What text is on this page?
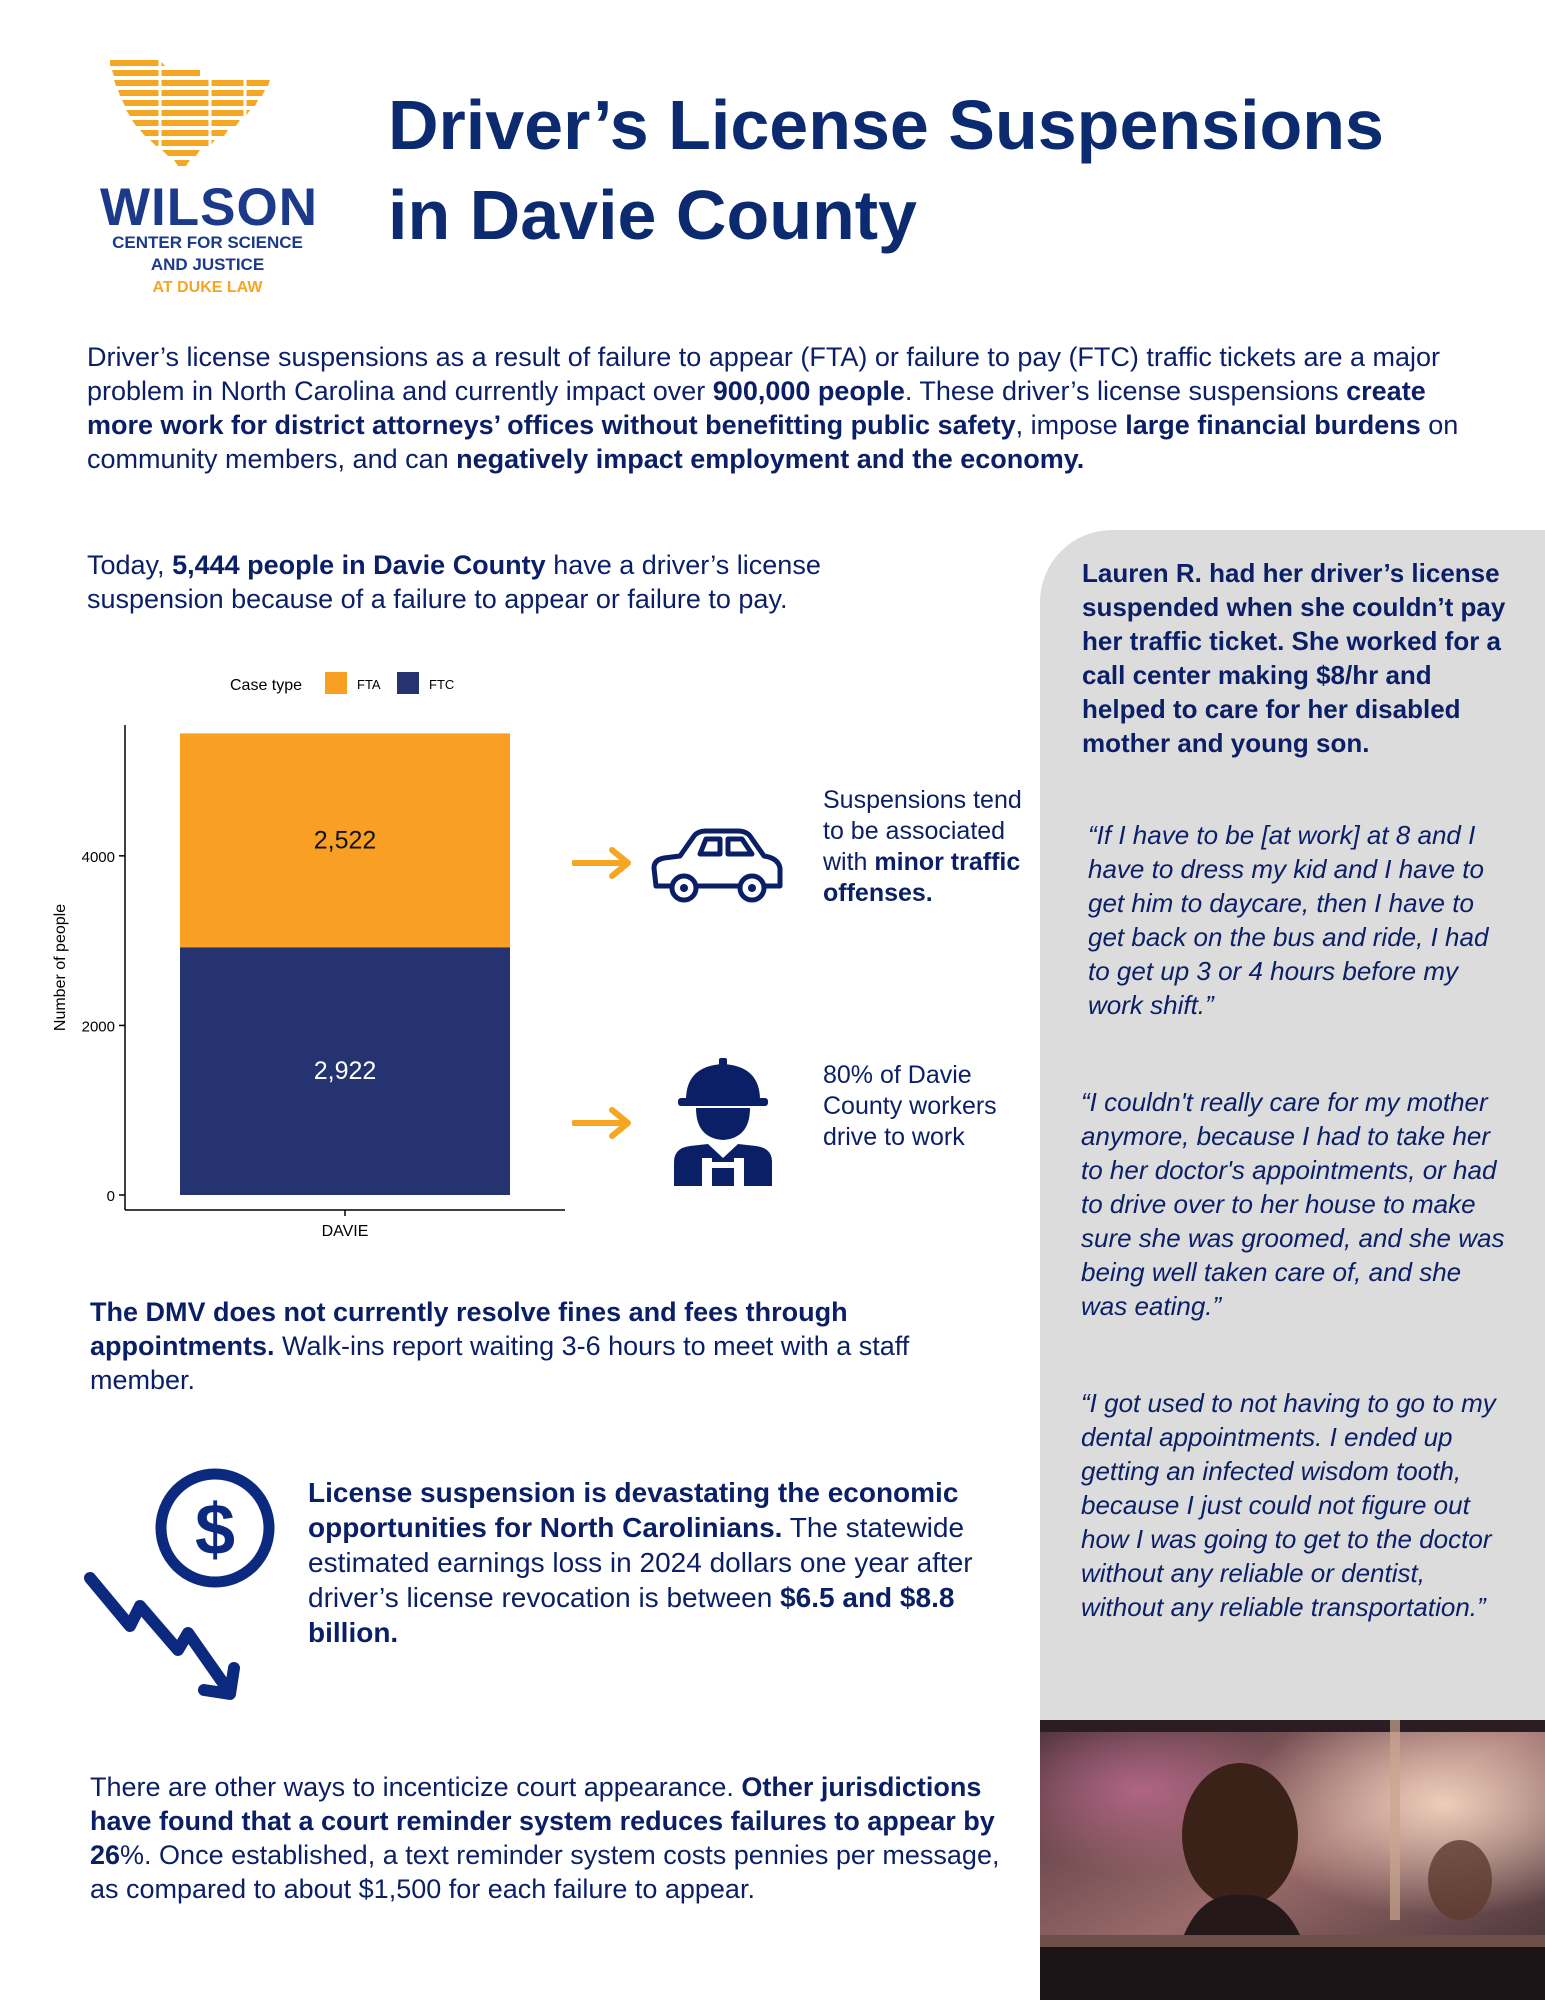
WILSON
CENTER FOR SCIENCE
AND JUSTICE
AT DUKE LAW
Driver’s License Suspensions
in Davie County
Driver’s license suspensions as a result of failure to appear (FTA) or failure to pay (FTC) traffic tickets are a major problem in North Carolina and currently impact over 900,000 people. These driver’s license suspensions create more work for district attorneys’ offices without benefitting public safety, impose large financial burdens on community members, and can negatively impact employment and the economy.
Today, 5,444 people in Davie County have a driver’s license suspension because of a failure to appear or failure to pay.
Case type	FTA	FTC
0
2000
4000
Number of people
DAVIE
2,922
2,522
Suspensions tend to be associated with minor traffic offenses.
80% of Davie County workers drive to work
The DMV does not currently resolve fines and fees through appointments. Walk-ins report waiting 3-6 hours to meet with a staff member.
$	License suspension is devastating the economic opportunities for North Carolinians. The statewide estimated earnings loss in 2024 dollars one year after driver’s license revocation is between $6.5 and $8.8 billion.
There are other ways to incenticize court appearance. Other jurisdictions have found that a court reminder system reduces failures to appear by 26%. Once established, a text reminder system costs pennies per message, as compared to about $1,500 for each failure to appear.
Lauren R. had her driver’s license suspended when she couldn’t pay her traffic ticket. She worked for a call center making $8/hr and helped to care for her disabled mother and young son.
“If I have to be [at work] at 8 and I have to dress my kid and I have to get him to daycare, then I have to get back on the bus and ride, I had to get up 3 or 4 hours before my work shift.”
“I couldn't really care for my mother anymore, because I had to take her to her doctor's appointments, or had to drive over to her house to make sure she was groomed, and she was being well taken care of, and she was eating.”
“I got used to not having to go to my dental appointments. I ended up getting an infected wisdom tooth, because I just could not figure out how I was going to get to the doctor without any reliable or dentist, without any reliable transportation.”
